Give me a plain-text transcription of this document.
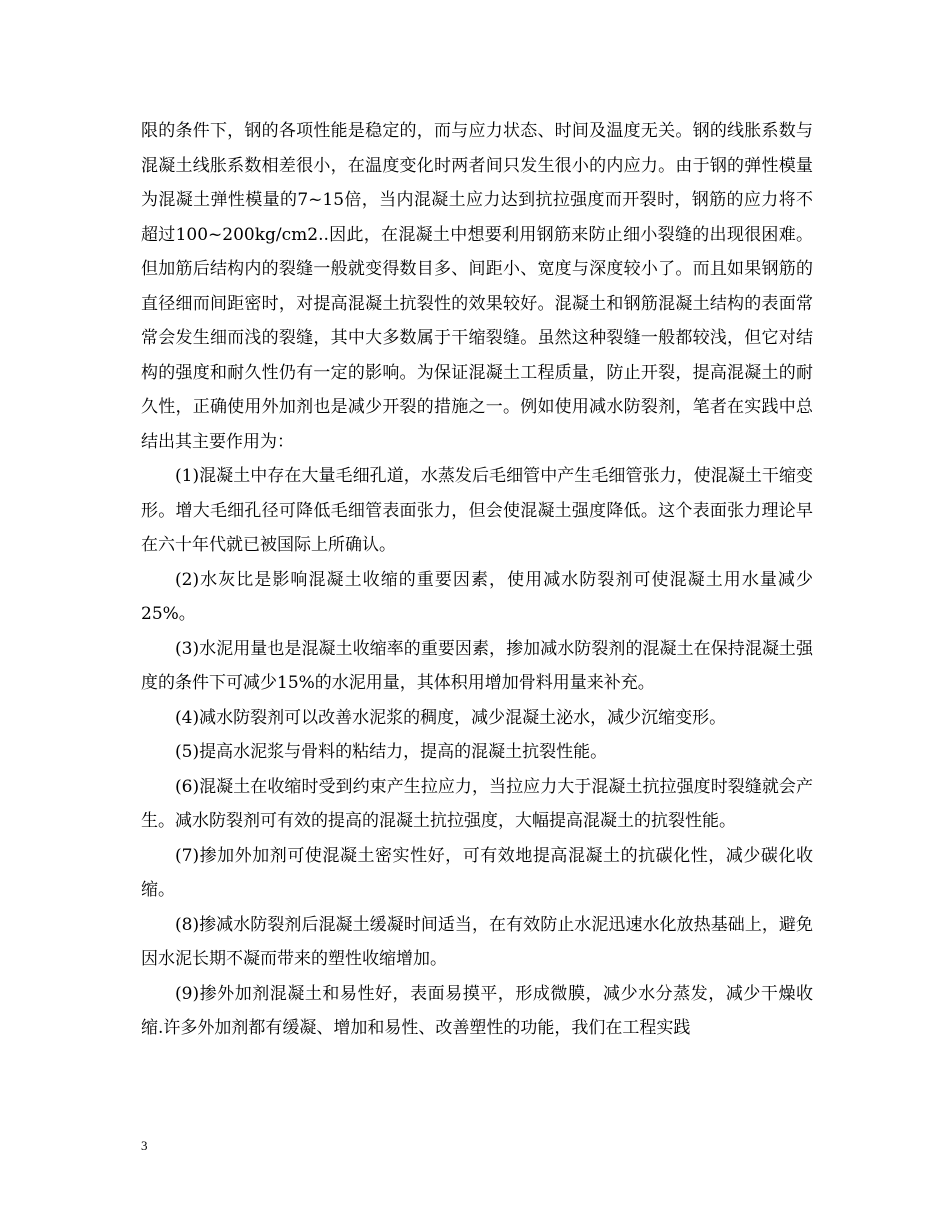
限的条件下，钢的各项性能是稳定的，而与应力状态、时间及温度无关。钢的线胀系数与混凝土线胀系数相差很小，在温度变化时两者间只发生很小的内应力。由于钢的弹性模量为混凝土弹性模量的7~15倍，当内混凝土应力达到抗拉强度而开裂时，钢筋的应力将不超过100~200kg/cm2..因此，在混凝土中想要利用钢筋来防止细小裂缝的出现很困难。但加筋后结构内的裂缝一般就变得数目多、间距小、宽度与深度较小了。而且如果钢筋的直径细而间距密时，对提高混凝土抗裂性的效果较好。混凝土和钢筋混凝土结构的表面常常会发生细而浅的裂缝，其中大多数属于干缩裂缝。虽然这种裂缝一般都较浅，但它对结构的强度和耐久性仍有一定的影响。为保证混凝土工程质量，防止开裂，提高混凝土的耐久性，正确使用外加剂也是减少开裂的措施之一。例如使用减水防裂剂，笔者在实践中总结出其主要作用为：

(1)混凝土中存在大量毛细孔道，水蒸发后毛细管中产生毛细管张力，使混凝土干缩变形。增大毛细孔径可降低毛细管表面张力，但会使混凝土强度降低。这个表面张力理论早在六十年代就已被国际上所确认。

(2)水灰比是影响混凝土收缩的重要因素，使用减水防裂剂可使混凝土用水量减少25%。

(3)水泥用量也是混凝土收缩率的重要因素，掺加减水防裂剂的混凝土在保持混凝土强度的条件下可减少15%的水泥用量，其体积用增加骨料用量来补充。

(4)减水防裂剂可以改善水泥浆的稠度，减少混凝土泌水，减少沉缩变形。

(5)提高水泥浆与骨料的粘结力，提高的混凝土抗裂性能。

(6)混凝土在收缩时受到约束产生拉应力，当拉应力大于混凝土抗拉强度时裂缝就会产生。减水防裂剂可有效的提高的混凝土抗拉强度，大幅提高混凝土的抗裂性能。

(7)掺加外加剂可使混凝土密实性好，可有效地提高混凝土的抗碳化性，减少碳化收缩。

(8)掺减水防裂剂后混凝土缓凝时间适当，在有效防止水泥迅速水化放热基础上，避免因水泥长期不凝而带来的塑性收缩增加。

(9)掺外加剂混凝土和易性好，表面易摸平，形成微膜，减少水分蒸发，减少干燥收缩.许多外加剂都有缓凝、增加和易性、改善塑性的功能，我们在工程实践

3
